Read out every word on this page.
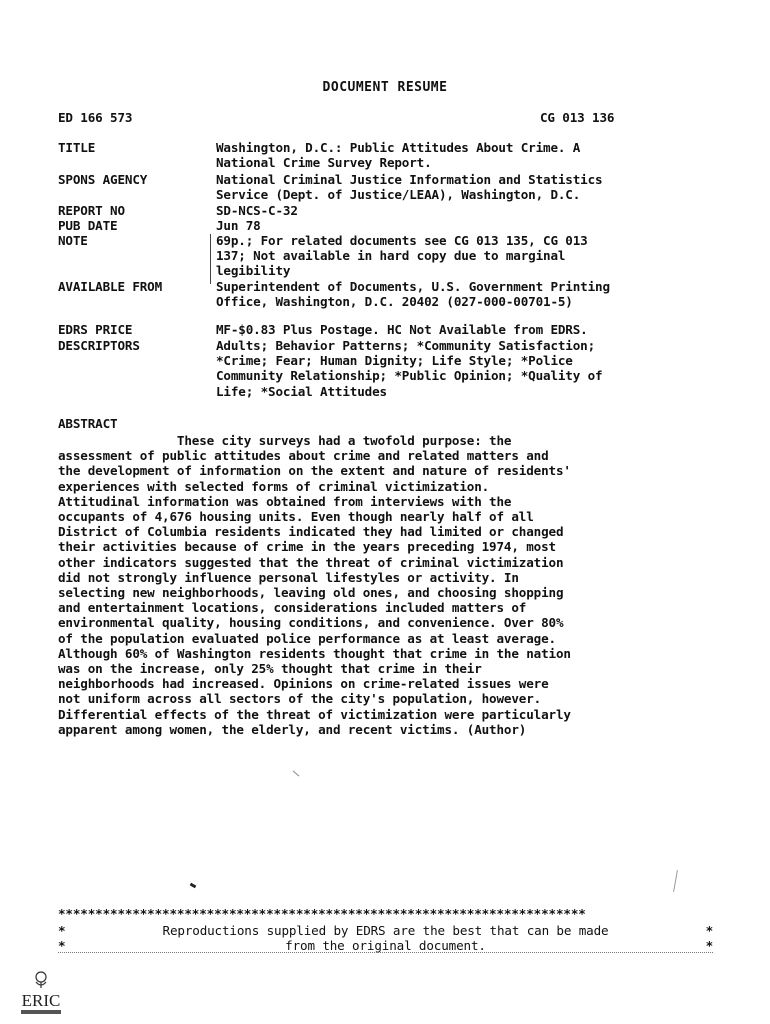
DOCUMENT RESUME
ED 166 573	CG 013 136
TITLE	Washington, D.C.: Public Attitudes About Crime. A
National Crime Survey Report.
SPONS AGENCY	National Criminal Justice Information and Statistics
Service (Dept. of Justice/LEAA), Washington, D.C.
REPORT NO	SD-NCS-C-32
PUB DATE	Jun 78
NOTE	69p.; For related documents see CG 013 135, CG 013
137; Not available in hard copy due to marginal
legibility
AVAILABLE FROM	Superintendent of Documents, U.S. Government Printing
Office, Washington, D.C. 20402 (027-000-00701-5)
EDRS PRICE	MF-$0.83 Plus Postage. HC Not Available from EDRS.
DESCRIPTORS	Adults; Behavior Patterns; *Community Satisfaction;
*Crime; Fear; Human Dignity; Life Style; *Police
Community Relationship; *Public Opinion; *Quality of
Life; *Social Attitudes
ABSTRACT
These city surveys had a twofold purpose: the
assessment of public attitudes about crime and related matters and
the development of information on the extent and nature of residents'
experiences with selected forms of criminal victimization.
Attitudinal information was obtained from interviews with the
occupants of 4,676 housing units. Even though nearly half of all
District of Columbia residents indicated they had limited or changed
their activities because of crime in the years preceding 1974, most
other indicators suggested that the threat of criminal victimization
did not strongly influence personal lifestyles or activity. In
selecting new neighborhoods, leaving old ones, and choosing shopping
and entertainment locations, considerations included matters of
environmental quality, housing conditions, and convenience. Over 80%
of the population evaluated police performance as at least average.
Although 60% of Washington residents thought that crime in the nation
was on the increase, only 25% thought that crime in their
neighborhoods had increased. Opinions on crime-related issues were
not uniform across all sectors of the city's population, however.
Differential effects of the threat of victimization were particularly
apparent among women, the elderly, and recent victims. (Author)
***********************************************************************
*	Reproductions supplied by EDRS are the best that can be made	*
*	from the original document.	*
ERIC
